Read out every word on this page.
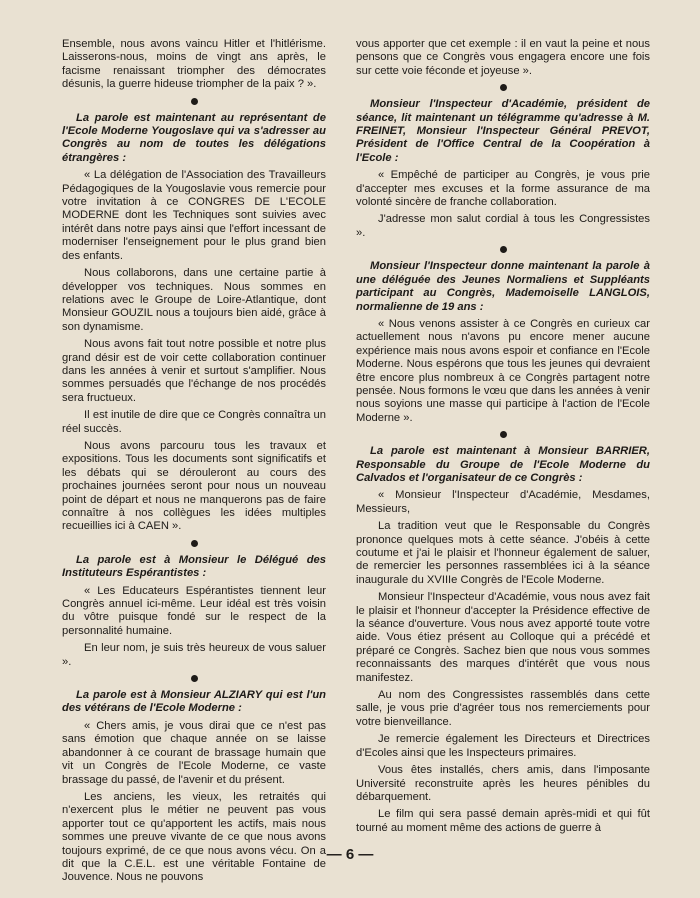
Ensemble, nous avons vaincu Hitler et l'hitlérisme. Laisserons-nous, moins de vingt ans après, le facisme renaissant triompher des démocrates désunis, la guerre hideuse triompher de la paix ? ».

La parole est maintenant au représentant de l'Ecole Moderne Yougoslave qui va s'adresser au Congrès au nom de toutes les délégations étrangères :

« La délégation de l'Association des Travailleurs Pédagogiques de la Yougoslavie vous remercie pour votre invitation à ce CONGRES DE L'ECOLE MODERNE dont les Techniques sont suivies avec intérêt dans notre pays ainsi que l'effort incessant de moderniser l'enseignement pour le plus grand bien des enfants.

Nous collaborons, dans une certaine partie à développer vos techniques. Nous sommes en relations avec le Groupe de Loire-Atlantique, dont Monsieur GOUZIL nous a toujours bien aidé, grâce à son dynamisme.

Nous avons fait tout notre possible et notre plus grand désir est de voir cette collaboration continuer dans les années à venir et surtout s'amplifier. Nous sommes persuadés que l'échange de nos procédés sera fructueux.

Il est inutile de dire que ce Congrès connaîtra un réel succès.

Nous avons parcouru tous les travaux et expositions. Tous les documents sont significatifs et les débats qui se dérouleront au cours des prochaines journées seront pour nous un nouveau point de départ et nous ne manquerons pas de faire connaître à nos collègues les idées multiples recueillies ici à CAEN ».

La parole est à Monsieur le Délégué des Instituteurs Espérantistes :

« Les Educateurs Espérantistes tiennent leur Congrès annuel ici-même. Leur idéal est très voisin du vôtre puisque fondé sur le respect de la personnalité humaine.

En leur nom, je suis très heureux de vous saluer ».

La parole est à Monsieur ALZIARY qui est l'un des vétérans de l'Ecole Moderne :

« Chers amis, je vous dirai que ce n'est pas sans émotion que chaque année on se laisse abandonner à ce courant de brassage humain que vit un Congrès de l'Ecole Moderne, ce vaste brassage du passé, de l'avenir et du présent.

Les anciens, les vieux, les retraités qui n'exercent plus le métier ne peuvent pas vous apporter tout ce qu'apportent les actifs, mais nous sommes une preuve vivante de ce que nous avons toujours exprimé, de ce que nous avons vécu. On a dit que la C.E.L. est une véritable Fontaine de Jouvence. Nous ne pouvons

vous apporter que cet exemple : il en vaut la peine et nous pensons que ce Congrès vous engagera encore une fois sur cette voie féconde et joyeuse ».

Monsieur l'Inspecteur d'Académie, président de séance, lit maintenant un télégramme qu'adresse à M. FREINET, Monsieur l'Inspecteur Général PREVOT, Président de l'Office Central de la Coopération à l'Ecole :

« Empêché de participer au Congrès, je vous prie d'accepter mes excuses et la forme assurance de ma volonté sincère de franche collaboration.

J'adresse mon salut cordial à tous les Congressistes ».

Monsieur l'Inspecteur donne maintenant la parole à une déléguée des Jeunes Normaliens et Suppléants participant au Congrès, Mademoiselle LANGLOIS, normalienne de 19 ans :

« Nous venons assister à ce Congrès en curieux car actuellement nous n'avons pu encore mener aucune expérience mais nous avons espoir et confiance en l'Ecole Moderne. Nous espérons que tous les jeunes qui devraient être encore plus nombreux à ce Congrès partagent notre pensée. Nous formons le vœu que dans les années à venir nous soyions une masse qui participe à l'action de l'Ecole Moderne ».

La parole est maintenant à Monsieur BARRIER, Responsable du Groupe de l'Ecole Moderne du Calvados et l'organisateur de ce Congrès :

« Monsieur l'Inspecteur d'Académie, Mesdames, Messieurs,

La tradition veut que le Responsable du Congrès prononce quelques mots à cette séance. J'obéis à cette coutume et j'ai le plaisir et l'honneur également de saluer, de remercier les personnes rassemblées ici à la séance inaugurale du XVIIIe Congrès de l'Ecole Moderne.

Monsieur l'Inspecteur d'Académie, vous nous avez fait le plaisir et l'honneur d'accepter la Présidence effective de la séance d'ouverture. Vous nous avez apporté toute votre aide. Vous étiez présent au Colloque qui a précédé et préparé ce Congrès. Sachez bien que nous vous sommes reconnaissants des marques d'intérêt que vous nous manifestez.

Au nom des Congressistes rassemblés dans cette salle, je vous prie d'agréer tous nos remerciements pour votre bienveillance.

Je remercie également les Directeurs et Directrices d'Ecoles ainsi que les Inspecteurs primaires.

Vous êtes installés, chers amis, dans l'imposante Université reconstruite après les heures pénibles du débarquement.

Le film qui sera passé demain après-midi et qui fût tourné au moment même des actions de guerre à

— 6 —
